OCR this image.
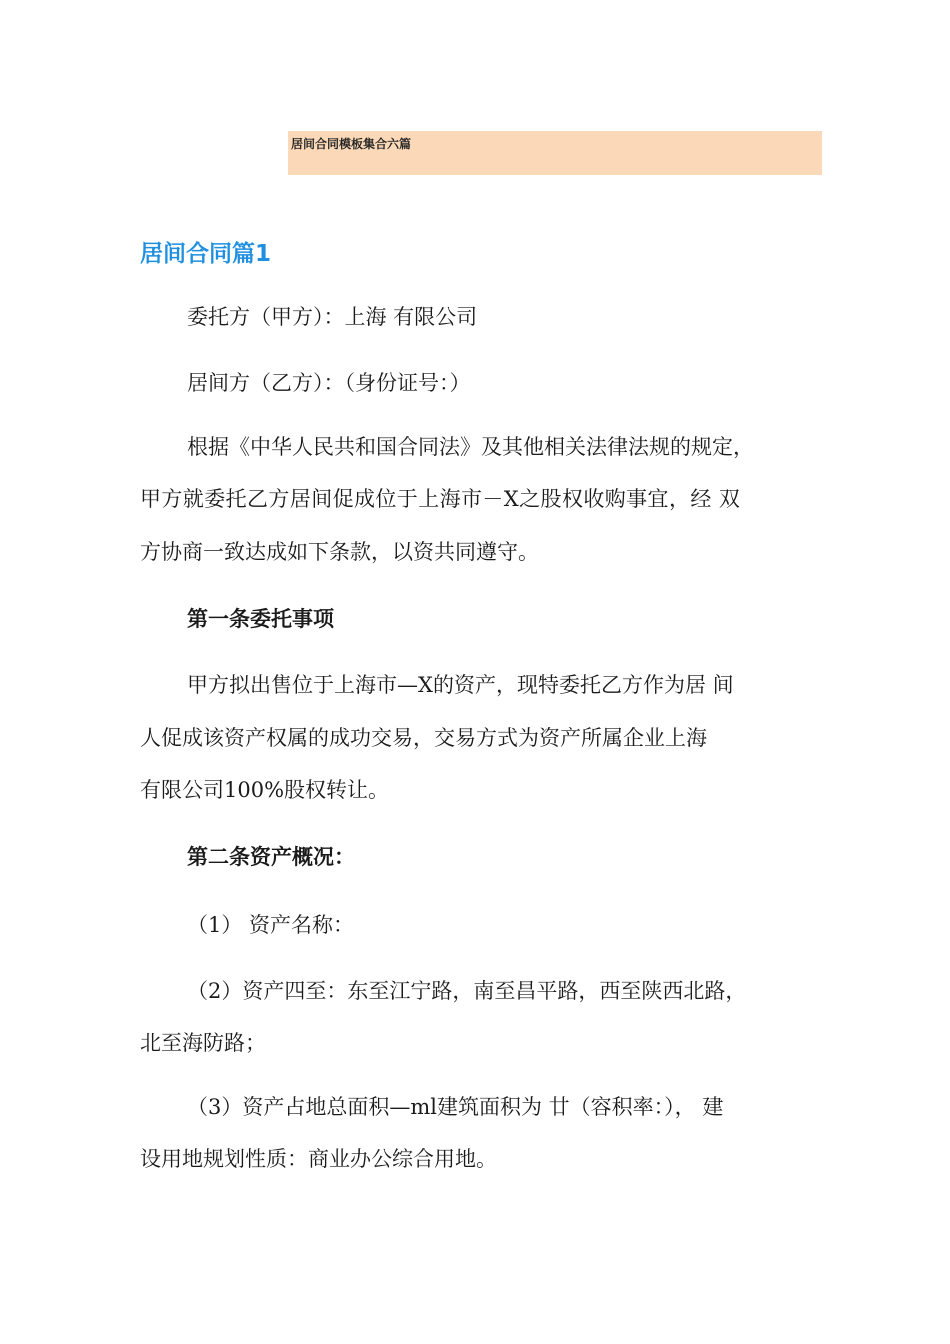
居间合同模板集合六篇
居间合同篇1
委托方（甲方）：上海 有限公司
居间方（乙方）：（身份证号：）
根据《中华人民共和国合同法》及其他相关法律法规的规定，
甲方就委托乙方居间促成位于上海市－X之股权收购事宜，经 双
方协商一致达成如下条款，以资共同遵守。
第一条委托事项
甲方拟出售位于上海市—X的资产，现特委托乙方作为居 间
人促成该资产权属的成功交易，交易方式为资产所属企业上海
有限公司100%股权转让。
第二条资产概况：
（1） 资产名称：
（2）资产四至：东至江宁路，南至昌平路，西至陕西北路，
北至海防路；
（3）资产占地总面积—ml建筑面积为 廿（容积率：）， 建
设用地规划性质：商业办公综合用地。
